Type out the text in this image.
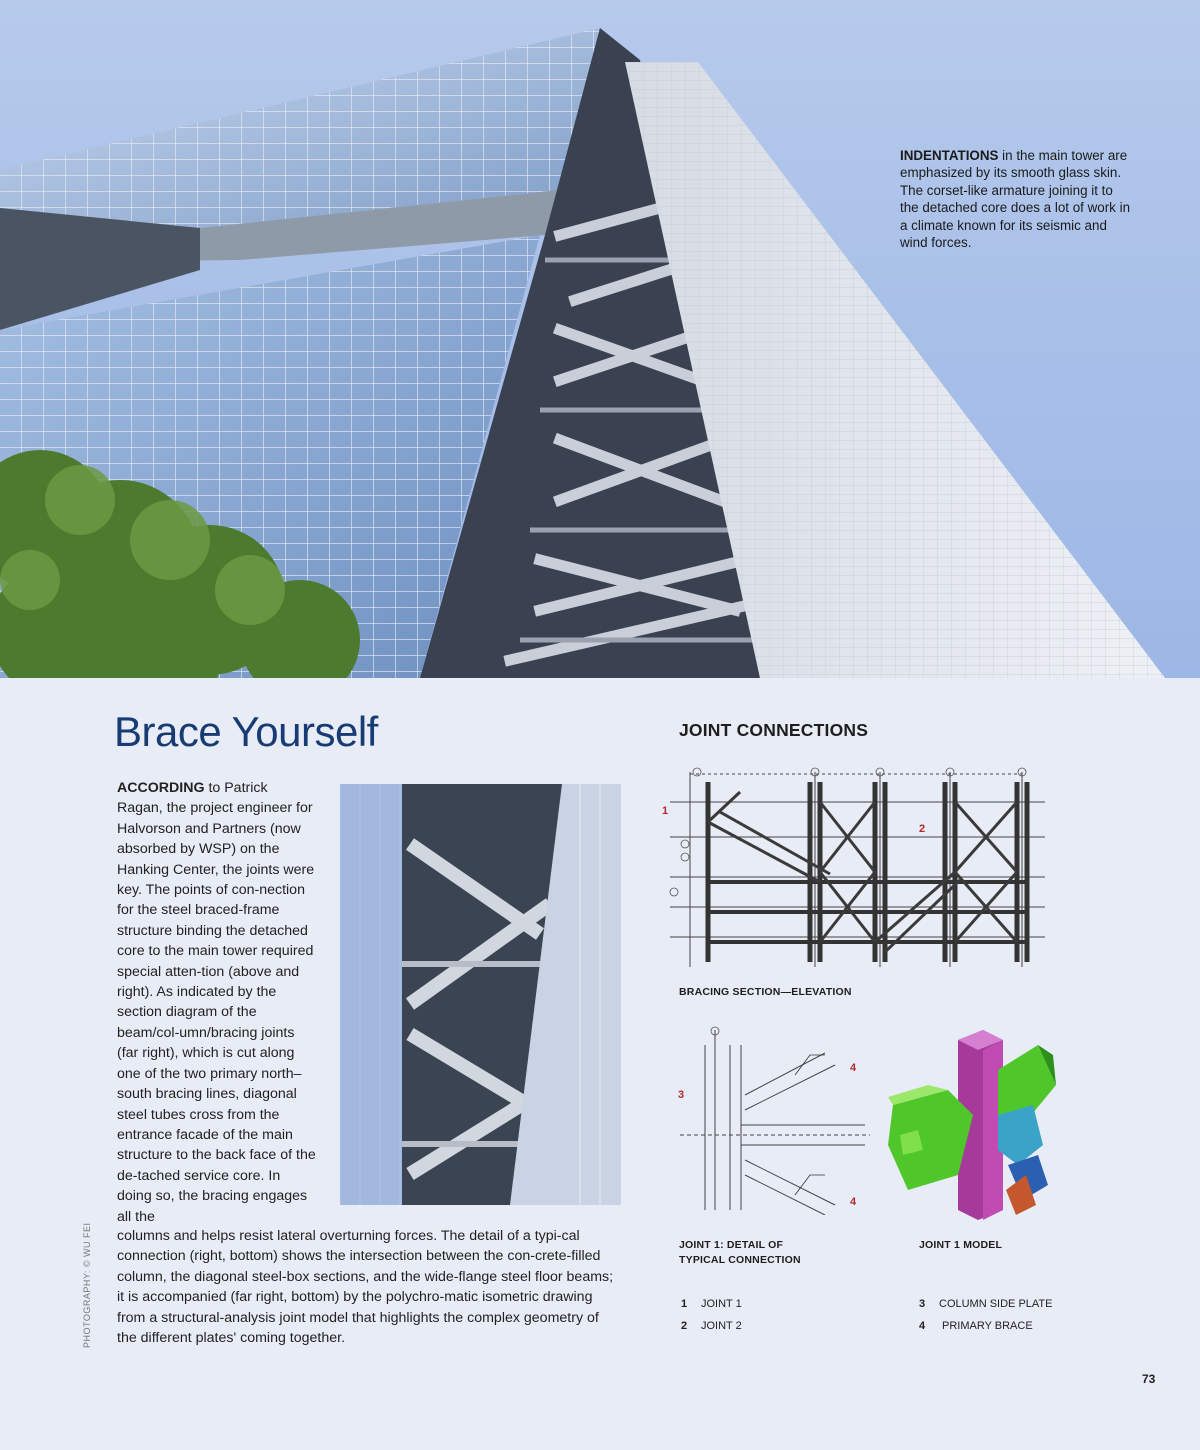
INDENTATIONS in the main tower are emphasized by its smooth glass skin. The corset-like armature joining it to the detached core does a lot of work in a climate known for its seismic and wind forces.
Brace Yourself
ACCORDING to Patrick Ragan, the project engineer for Halvorson and Partners (now absorbed by WSP) on the Hanking Center, the joints were key. The points of con-nection for the steel braced-frame structure binding the detached core to the main tower required special atten-tion (above and right). As indicated by the section diagram of the beam/col-umn/bracing joints (far right), which is cut along one of the two primary north–south bracing lines, diagonal steel tubes cross from the entrance facade of the main structure to the back face of the de-tached service core. In doing so, the bracing engages all the
columns and helps resist lateral overturning forces. The detail of a typi-cal connection (right, bottom) shows the intersection between the con-crete-filled column, the diagonal steel-box sections, and the wide-flange steel floor beams; it is accompanied (far right, bottom) by the polychro-matic isometric drawing from a structural-analysis joint model that highlights the complex geometry of the different plates' coming together.
PHOTOGRAPHY: © WU FEI
JOINT CONNECTIONS
1
2
BRACING SECTION—ELEVATION
3
4
4
JOINT 1: DETAIL OF
TYPICAL CONNECTION
JOINT 1 MODEL
1 JOINT 1
2 JOINT 2
3 COLUMN SIDE PLATE
4 PRIMARY BRACE
73
